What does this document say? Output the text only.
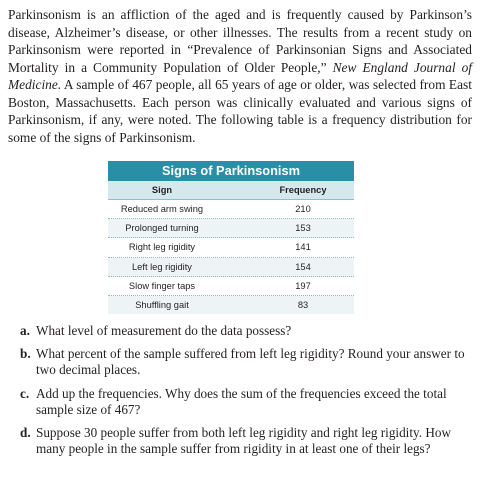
Parkinsonism is an affliction of the aged and is frequently caused by Parkinson’s disease, Alzheimer’s disease, or other illnesses. The results from a recent study on Parkinsonism were reported in “Prevalence of Parkinsonian Signs and Associated Mortality in a Community Population of Older People,” New England Journal of Medicine. A sample of 467 people, all 65 years of age or older, was selected from East Boston, Massachusetts. Each person was clinically evaluated and various signs of Parkinsonism, if any, were noted. The following table is a frequency distribution for some of the signs of Parkinsonism.
Signs of Parkinsonism
Sign	Frequency
Reduced arm swing	210
Prolonged turning	153
Right leg rigidity	141
Left leg rigidity	154
Slow finger taps	197
Shuffling gait	83
a. What level of measurement do the data possess?
b. What percent of the sample suffered from left leg rigidity? Round your answer to two decimal places.
c. Add up the frequencies. Why does the sum of the frequencies exceed the total sample size of 467?
d. Suppose 30 people suffer from both left leg rigidity and right leg rigidity. How many people in the sample suffer from rigidity in at least one of their legs?
